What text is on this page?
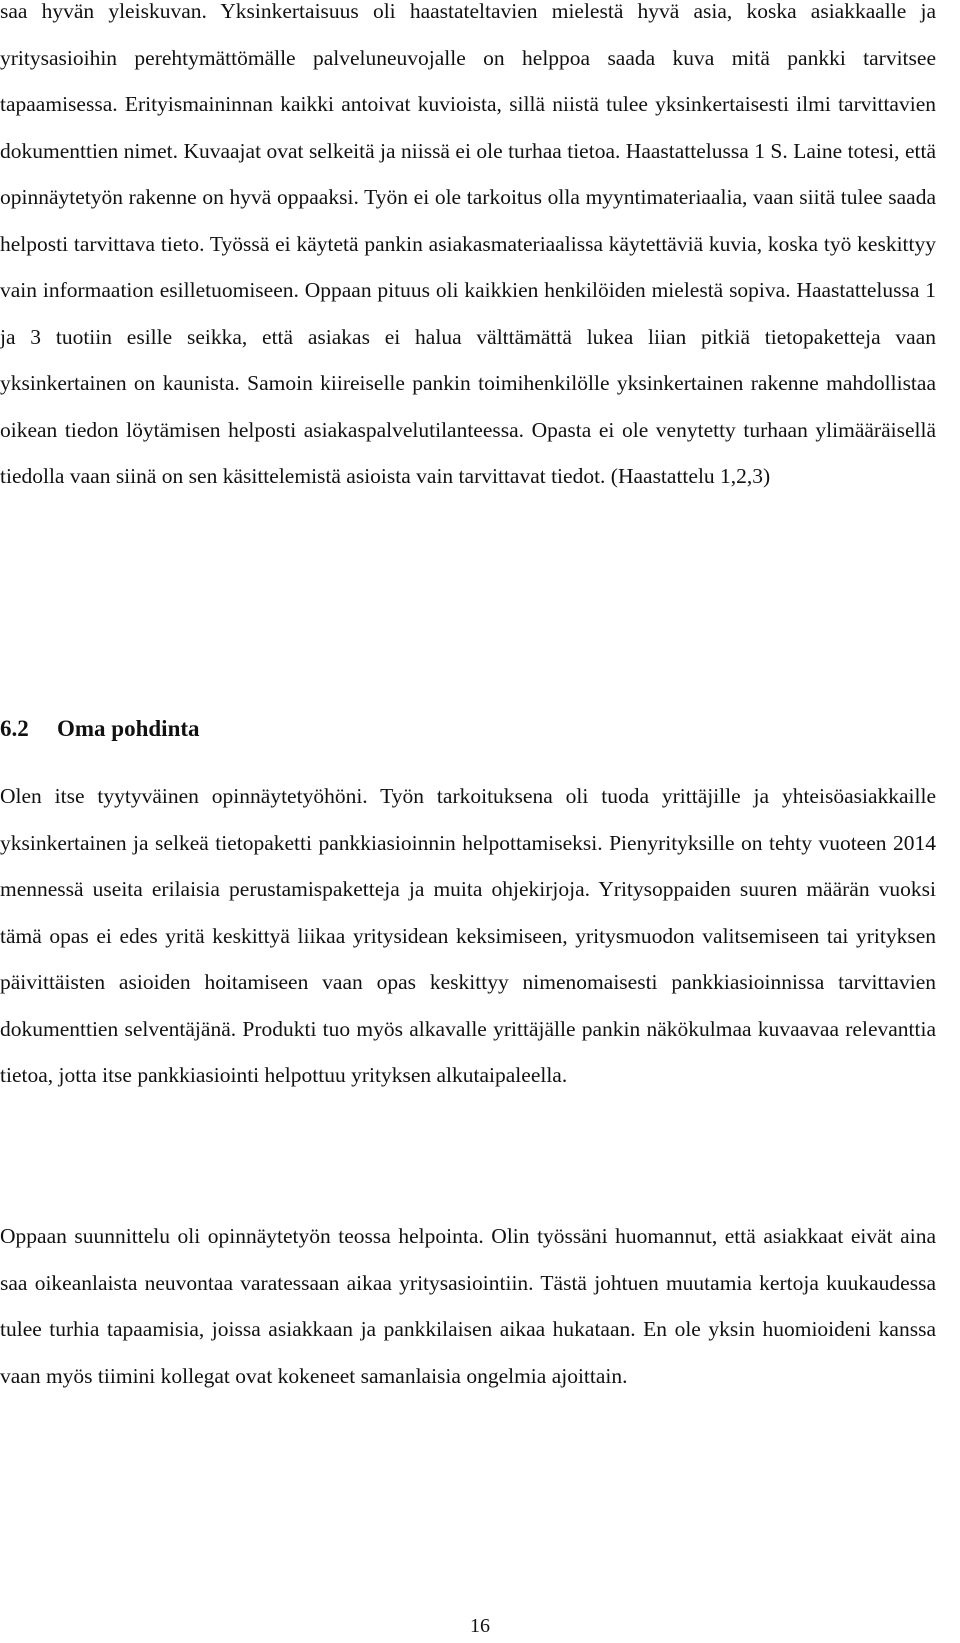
saa hyvän yleiskuvan. Yksinkertaisuus oli haastateltavien mielestä hyvä asia, koska asiakkaalle ja yritysasioihin perehtymättömälle palveluneuvojalle on helppoa saada kuva mitä pankki tarvitsee tapaamisessa. Erityismaininnan kaikki antoivat kuvioista, sillä niistä tulee yksinkertaisesti ilmi tarvittavien dokumenttien nimet. Kuvaajat ovat selkeitä ja niissä ei ole turhaa tietoa. Haastattelussa 1 S. Laine totesi, että opinnäytetyön rakenne on hyvä oppaaksi. Työn ei ole tarkoitus olla myyntimateriaalia, vaan siitä tulee saada helposti tarvittava tieto. Työssä ei käytetä pankin asiakasmateriaalissa käytettäviä kuvia, koska työ keskittyy vain informaation esilletuomiseen. Oppaan pituus oli kaikkien henkilöiden mielestä sopiva. Haastattelussa 1 ja 3 tuotiin esille seikka, että asiakas ei halua välttämättä lukea liian pitkiä tietopaketteja vaan yksinkertainen on kaunista. Samoin kiireiselle pankin toimihenkilölle yksinkertainen rakenne mahdollistaa oikean tiedon löytämisen helposti asiakaspalvelutilanteessa. Opasta ei ole venytetty turhaan ylimääräisellä tiedolla vaan siinä on sen käsittelemistä asioista vain tarvittavat tiedot. (Haastattelu 1,2,3)

6.2 Oma pohdinta

Olen itse tyytyväinen opinnäytetyöhöni. Työn tarkoituksena oli tuoda yrittäjille ja yhteisöasiakkaille yksinkertainen ja selkeä tietopaketti pankkiasioinnin helpottamiseksi. Pienyrityksille on tehty vuoteen 2014 mennessä useita erilaisia perustamispaketteja ja muita ohjekirjoja. Yritysoppaiden suuren määrän vuoksi tämä opas ei edes yritä keskittyä liikaa yritysidean keksimiseen, yritysmuodon valitsemiseen tai yrityksen päivittäisten asioiden hoitamiseen vaan opas keskittyy nimenomaisesti pankkiasioinnissa tarvittavien dokumenttien selventäjänä. Produkti tuo myös alkavalle yrittäjälle pankin näkökulmaa kuvaavaa relevanttia tietoa, jotta itse pankkiasiointi helpottuu yrityksen alkutaipaleella.

Oppaan suunnittelu oli opinnäytetyön teossa helpointa. Olin työssäni huomannut, että asiakkaat eivät aina saa oikeanlaista neuvontaa varatessaan aikaa yritysasiointiin. Tästä johtuen muutamia kertoja kuukaudessa tulee turhia tapaamisia, joissa asiakkaan ja pankkilaisen aikaa hukataan. En ole yksin huomioideni kanssa vaan myös tiimini kollegat ovat kokeneet samanlaisia ongelmia ajoittain.

16
